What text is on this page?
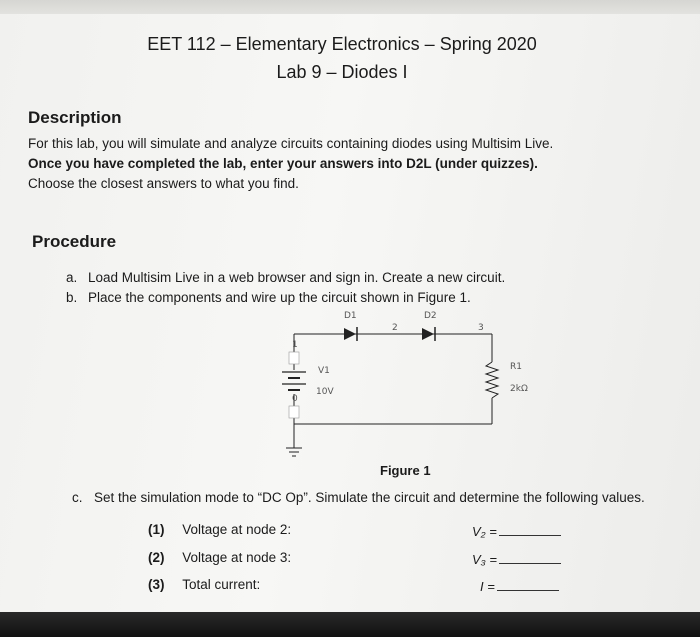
EET 112 – Elementary Electronics – Spring 2020
Lab 9 – Diodes I
Description
For this lab, you will simulate and analyze circuits containing diodes using Multisim Live.
Once you have completed the lab, enter your answers into D2L (under quizzes).
Choose the closest answers to what you find.
Procedure
a. Load Multisim Live in a web browser and sign in. Create a new circuit.
b. Place the components and wire up the circuit shown in Figure 1.
D1	D2
2	3
1
0
V1
10V
R1
2kΩ
Figure 1
c. Set the simulation mode to “DC Op”. Simulate the circuit and determine the following values.
(1) Voltage at node 2:	V₂ =
(2) Voltage at node 3:	V₃ =
(3) Total current:	I =
